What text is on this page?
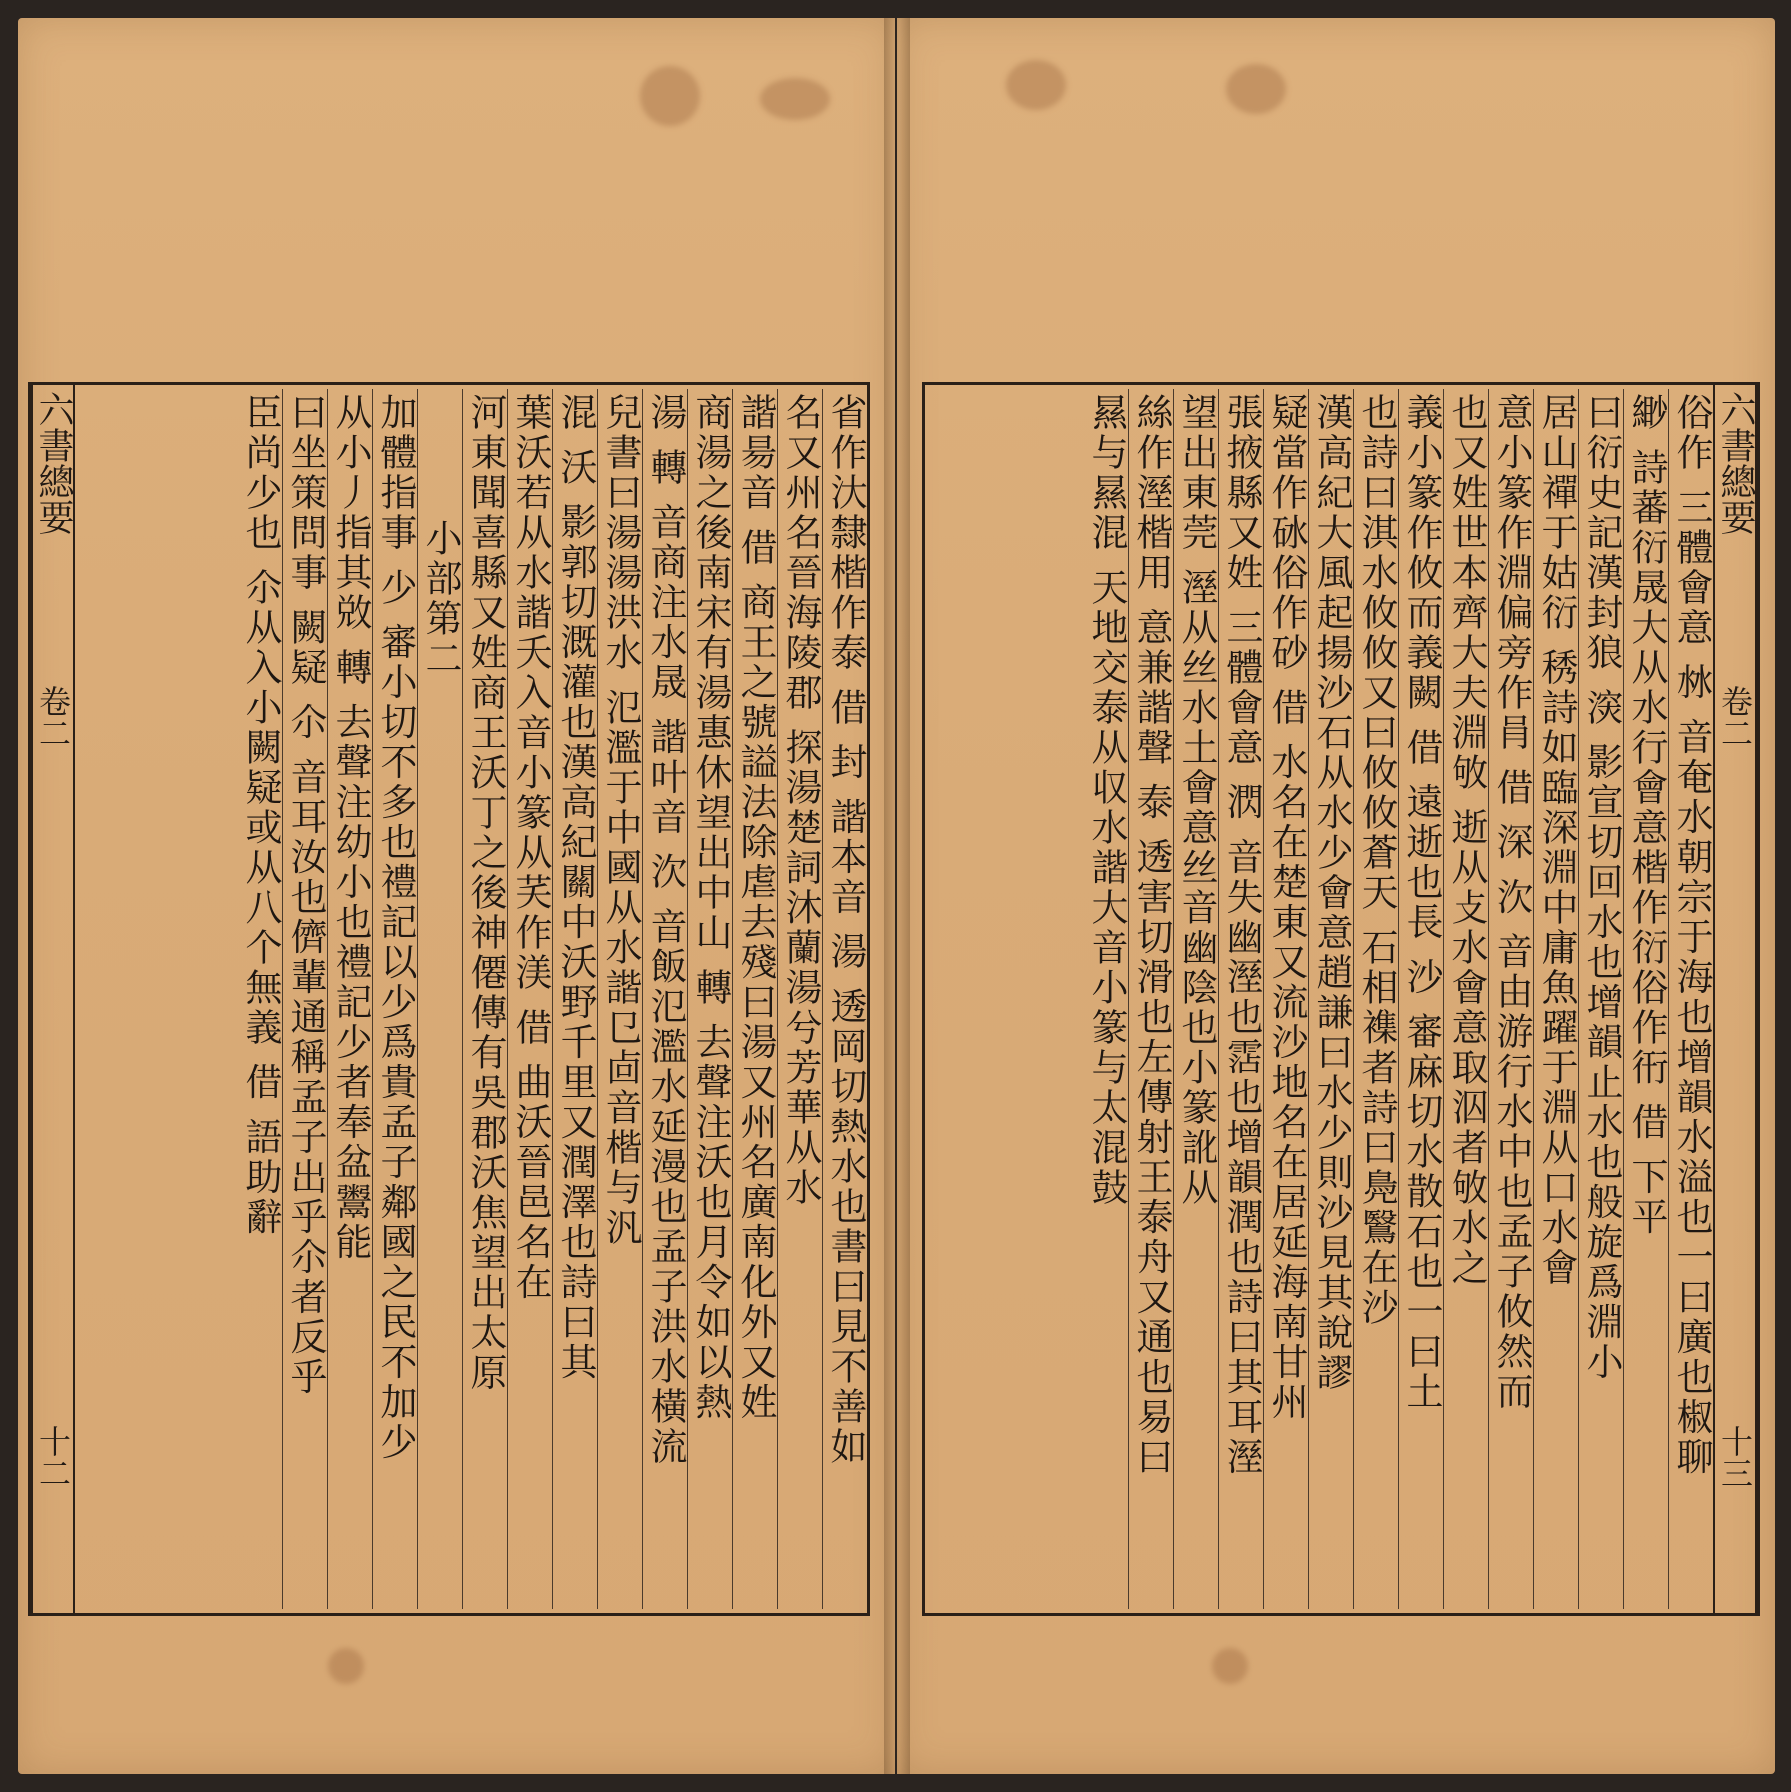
六書總要
卷二
十三
俗作 三體會意 沝 音奄水朝宗于海也增韻水溢也一曰廣也椒聊
緲 詩蕃衍晟大从水行會意楷作衍俗作衎 借 下平
曰衍史記漢封狼 㴱 影宣切回水也增韻止水也般旋爲淵小
居山禪于姑衍 䅎詩如臨深淵中庸魚躍于淵从口水會
意小篆作淵偏旁作肙 借 深 㳄 音由游行水中也孟子攸然而
也又姓世本齊大夫淵敂 逝从攴水會意取泅者敂水之
義小篆作攸而義闕 借 遠逝也長 沙 審麻切水散石也一曰土
也詩曰淇水攸攸又曰攸攸蒼天 石相襍者詩曰鳧鷖在沙
漢高紀大風起揚沙石从水少會意趙謙曰水少則沙見其說謬
疑當作砅俗作砂 借 水名在楚東又流沙地名在居延海南甘州
張掖縣又姓 三體會意 㴸 音失幽溼也霑也增韻潤也詩曰其耳溼
望出東莞 溼从丝水土會意丝音幽陰也小篆訛从
絲作溼楷用 意兼諧聲 泰 透害切滑也左傳射王泰舟又通也易曰
㬎与㬎混 天地交泰从収水諧大音小篆与太混鼓
六書總要
卷二
十二	省作汏隸楷作泰 借 封 諧本音 湯 透岡切熱水也書曰見不善如
名又州名晉海陵郡 探湯楚詞沐蘭湯兮芳華从水
諧昜音 借 商王之號謚法除虐去殘曰湯又州名廣南化外又姓
商湯之後南宋有湯惠休望出中山 轉 去聲注沃也月令如以熱
湯 轉 音商注水晟 諧叶音 㳄 音飯氾濫水延漫也孟子洪水橫流
兒書曰湯湯洪水 氾濫于中國从水諧㔾㔽音楷与汎
混 沃 影郭切溉灌也漢高紀關中沃野千里又潤澤也詩曰其
葉沃若从水諧夭入音小篆从芺作渼 借 曲沃晉邑名在
河東聞喜縣又姓商王沃丁之後神僊傳有吳郡沃焦望出太原
小部第二
加體指事 少 審小切不多也禮記以少爲貴孟子鄰國之民不加少
从小丿指其敚 轉 去聲注幼小也禮記少者奉盆鬻能
曰坐策問事 闕疑 尒 音耳汝也儕輩通稱孟子出乎尒者反乎
臣尚少也 尒从入小闕疑或从八个無義 借 語助辭
